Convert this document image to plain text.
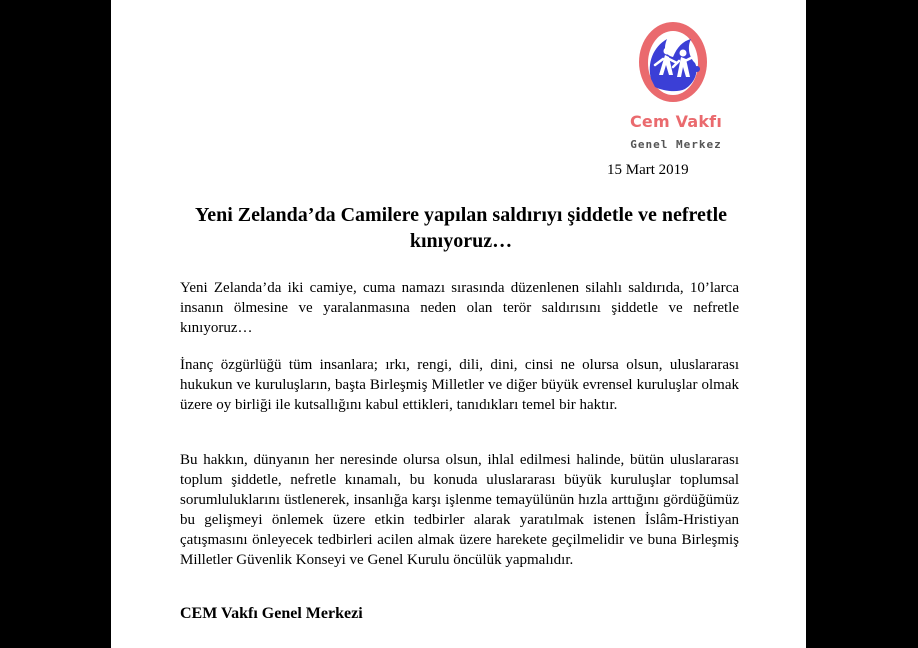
Cem Vakfı
Genel Merkez
15 Mart 2019
Yeni Zelanda’da Camilere yapılan saldırıyı şiddetle ve nefretle kınıyoruz…

Yeni Zelanda’da iki camiye, cuma namazı sırasında düzenlenen silahlı saldırıda, 10’larca insanın ölmesine ve yaralanmasına neden olan terör saldırısını şiddetle ve nefretle kınıyoruz…

İnanç özgürlüğü tüm insanlara; ırkı, rengi, dili, dini, cinsi ne olursa olsun, uluslararası hukukun ve kuruluşların, başta Birleşmiş Milletler ve diğer büyük evrensel kuruluşlar olmak üzere oy birliği ile kutsallığını kabul ettikleri, tanıdıkları temel bir haktır.

Bu hakkın, dünyanın her neresinde olursa olsun, ihlal edilmesi halinde, bütün uluslararası toplum şiddetle, nefretle kınamalı, bu konuda uluslararası büyük kuruluşlar toplumsal sorumluluklarını üstlenerek, insanlığa karşı işlenme temayülünün hızla arttığını gördüğümüz bu gelişmeyi önlemek üzere etkin tedbirler alarak yaratılmak istenen İslâm-Hristiyan çatışmasını önleyecek tedbirleri acilen almak üzere harekete geçilmelidir ve buna Birleşmiş Milletler Güvenlik Konseyi ve Genel Kurulu öncülük yapmalıdır.

CEM Vakfı Genel Merkezi
